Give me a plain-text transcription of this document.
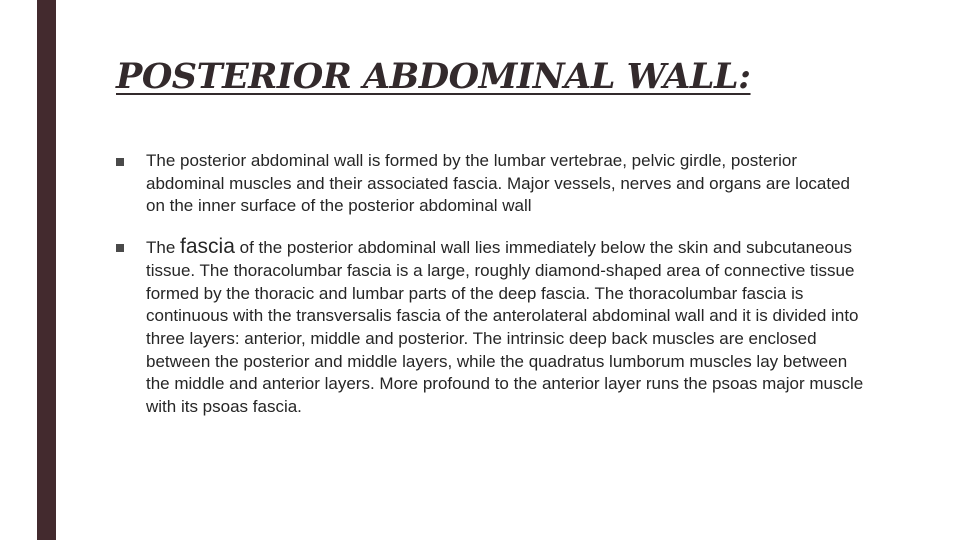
POSTERIOR ABDOMINAL WALL:
The posterior abdominal wall is formed by the lumbar vertebrae, pelvic girdle, posterior abdominal muscles and their associated fascia. Major vessels, nerves and organs are located on the inner surface of the posterior abdominal wall
The fascia of the posterior abdominal wall lies immediately below the skin and subcutaneous tissue. The thoracolumbar fascia is a large, roughly diamond-shaped area of connective tissue formed by the thoracic and lumbar parts of the deep fascia. The thoracolumbar fascia is continuous with the transversalis fascia of the anterolateral abdominal wall and it is divided into three layers: anterior, middle and posterior. The intrinsic deep back muscles are enclosed between the posterior and middle layers, while the quadratus lumborum muscles lay between the middle and anterior layers. More profound to the anterior layer runs the psoas major muscle with its psoas fascia.
